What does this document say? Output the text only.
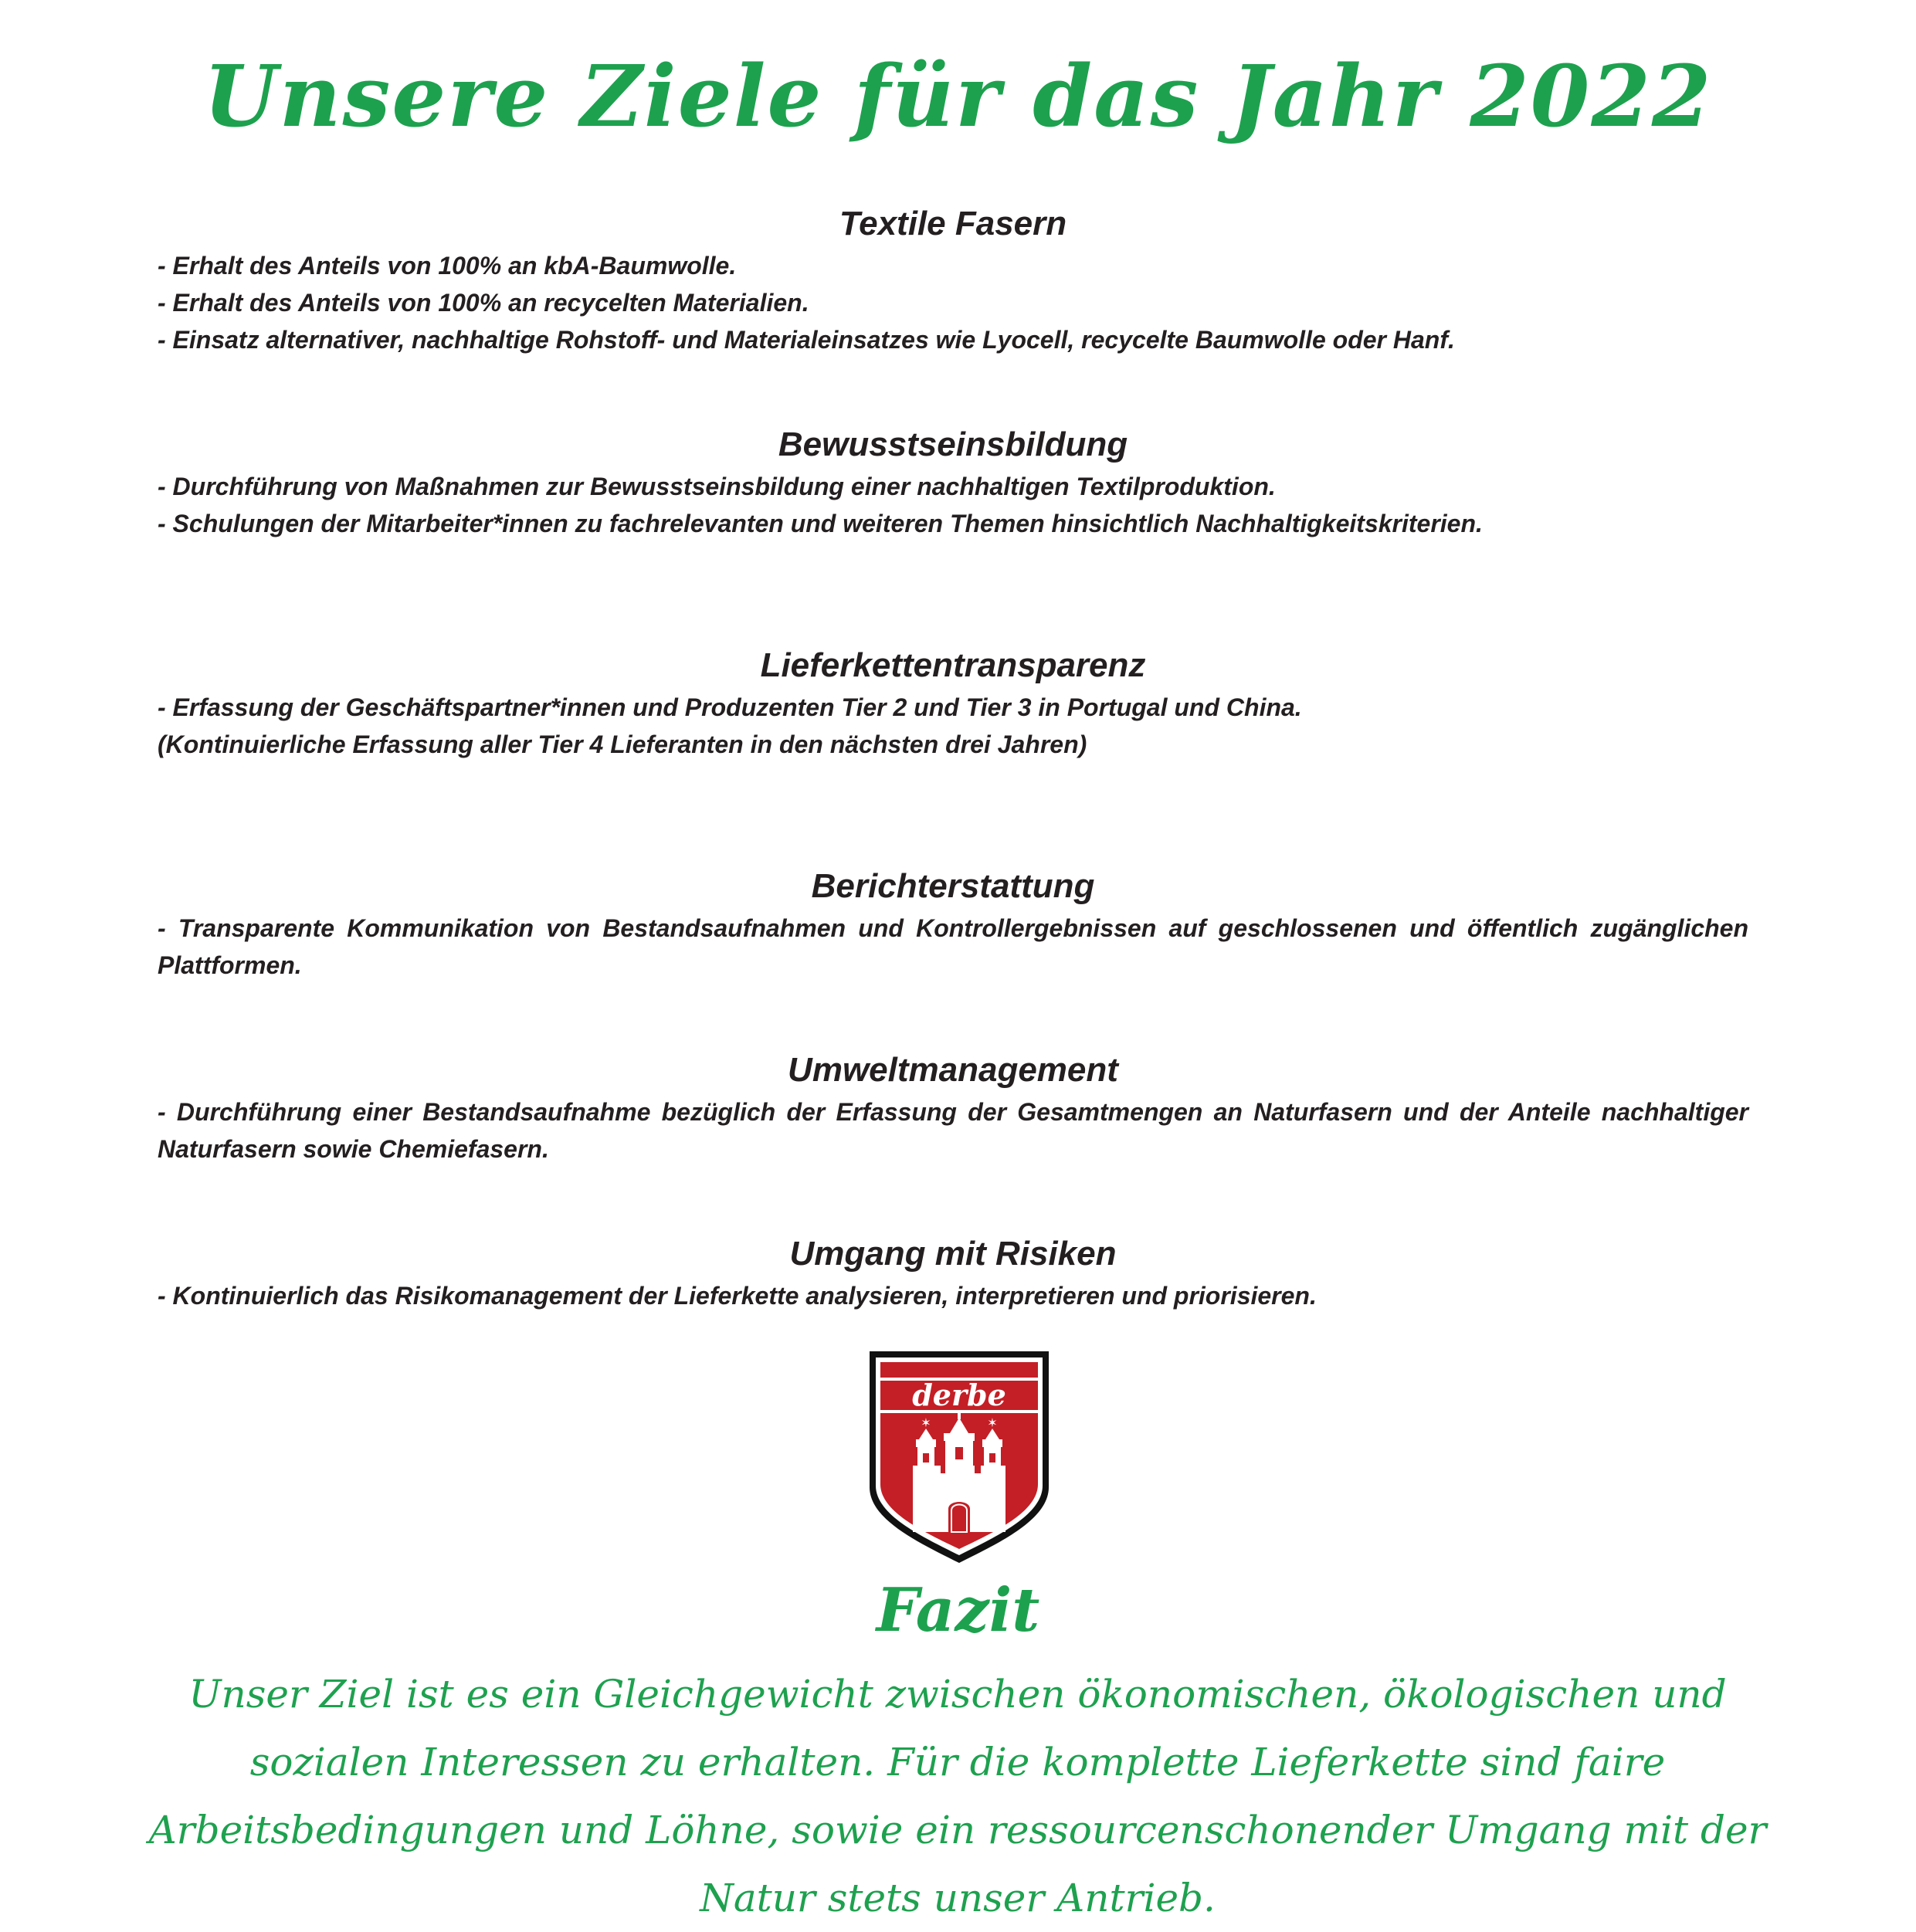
Unsere Ziele für das Jahr 2022
Textile Fasern
- Erhalt des Anteils von 100% an kbA-Baumwolle.
- Erhalt des Anteils von 100% an recycelten Materialien.
- Einsatz alternativer, nachhaltige Rohstoff- und Materialeinsatzes wie Lyocell, recycelte Baumwolle oder Hanf.
Bewusstseinsbildung
- Durchführung von Maßnahmen zur Bewusstseinsbildung einer nachhaltigen Textilproduktion.
- Schulungen der Mitarbeiter*innen zu fachrelevanten und weiteren Themen hinsichtlich Nachhaltigkeitskriterien.
Lieferkettentransparenz
- Erfassung der Geschäftspartner*innen und Produzenten Tier 2 und Tier 3 in Portugal und China.
(Kontinuierliche Erfassung aller Tier 4 Lieferanten in den nächsten drei Jahren)
Berichterstattung
- Transparente Kommunikation von Bestandsaufnahmen und Kontrollergebnissen auf geschlossenen und öffentlich zugänglichen Plattformen.
Umweltmanagement
- Durchführung einer Bestandsaufnahme bezüglich der Erfassung der Gesamtmengen an Naturfasern und der Anteile nachhaltiger Naturfasern sowie Chemiefasern.
Umgang mit Risiken
- Kontinuierlich das Risikomanagement der Lieferkette analysieren, interpretieren und priorisieren.
derbe
✶	✶
Fazit
Unser Ziel ist es ein Gleichgewicht zwischen ökonomischen, ökologischen und sozialen Interessen zu erhalten. Für die komplette Lieferkette sind faire Arbeitsbedingungen und Löhne, sowie ein ressourcenschonender Umgang mit der Natur stets unser Antrieb.
